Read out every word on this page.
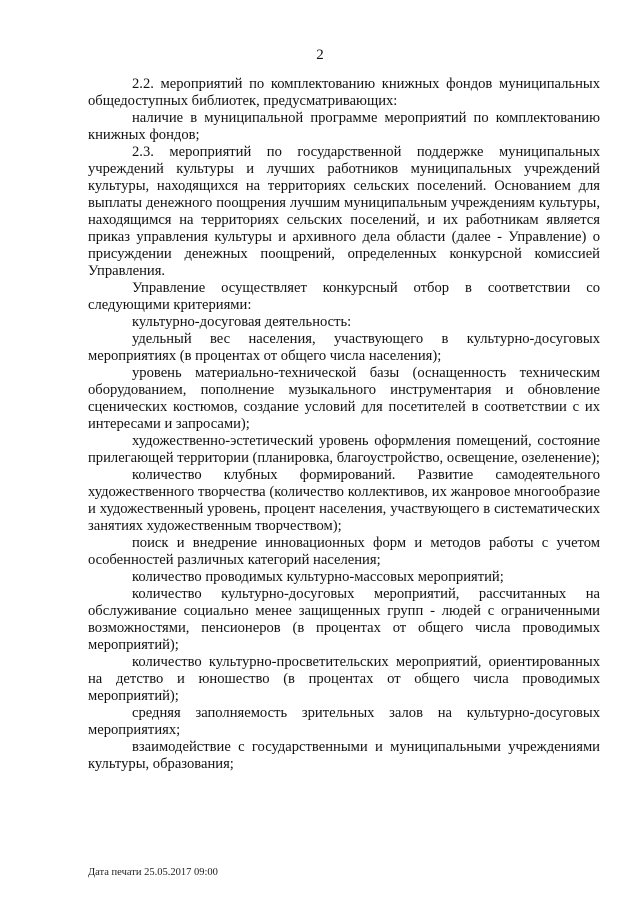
2

2.2. мероприятий по комплектованию книжных фондов муниципальных общедоступных библиотек, предусматривающих:

наличие в муниципальной программе мероприятий по комплектованию книжных фондов;

2.3. мероприятий по государственной поддержке муниципальных учреждений культуры и лучших работников муниципальных учреждений культуры, находящихся на территориях сельских поселений. Основанием для выплаты денежного поощрения лучшим муниципальным учреждениям культуры, находящимся на территориях сельских поселений, и их работникам является приказ управления культуры и архивного дела области (далее - Управление) о присуждении денежных поощрений, определенных конкурсной комиссией Управления.

Управление осуществляет конкурсный отбор в соответствии со следующими критериями:

культурно-досуговая деятельность:

удельный вес населения, участвующего в культурно-досуговых мероприятиях (в процентах от общего числа населения);

уровень материально-технической базы (оснащенность техническим оборудованием, пополнение музыкального инструментария и обновление сценических костюмов, создание условий для посетителей в соответствии с их интересами и запросами);

художественно-эстетический уровень оформления помещений, состояние прилегающей территории (планировка, благоустройство, освещение, озеленение);

количество клубных формирований. Развитие самодеятельного художественного творчества (количество коллективов, их жанровое многообразие и художественный уровень, процент населения, участвующего в систематических занятиях художественным творчеством);

поиск и внедрение инновационных форм и методов работы с учетом особенностей различных категорий населения;

количество проводимых культурно-массовых мероприятий;

количество культурно-досуговых мероприятий, рассчитанных на обслуживание социально менее защищенных групп - людей с ограниченными возможностями, пенсионеров (в процентах от общего числа проводимых мероприятий);

количество культурно-просветительских мероприятий, ориентированных на детство и юношество (в процентах от общего числа проводимых мероприятий);

средняя заполняемость зрительных залов на культурно-досуговых мероприятиях;

взаимодействие с государственными и муниципальными учреждениями культуры, образования;

Дата печати 25.05.2017 09:00
